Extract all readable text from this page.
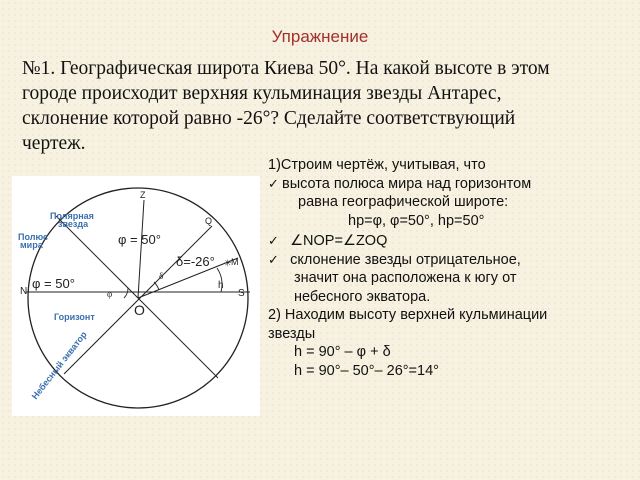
Упражнение
№1. Географическая широта Киева 50°. На какой высоте в этом
городе происходит верхняя кульминация звезды Антарес,
склонение которой равно -26°? Сделайте соответствующий
чертеж.
✳
Z
Q
M
N	S
h
O
φ = 50°
φ = 50°
δ=-26°
φ
δ
Полярная
звезда
Полюс
мира
Горизонт
Небесный экватор
1)Строим чертёж, учитывая, что
✓ высота полюса мира над горизонтом
равна географической широте:
hp=φ, φ=50°, hp=50°
✓ ∠NOP=∠ZOQ
✓ склонение звезды отрицательное,
значит она расположена к югу от
небесного экватора.
2) Находим высоту верхней кульминации
звезды
h = 90° – φ + δ
h = 90°– 50°– 26°=14°
